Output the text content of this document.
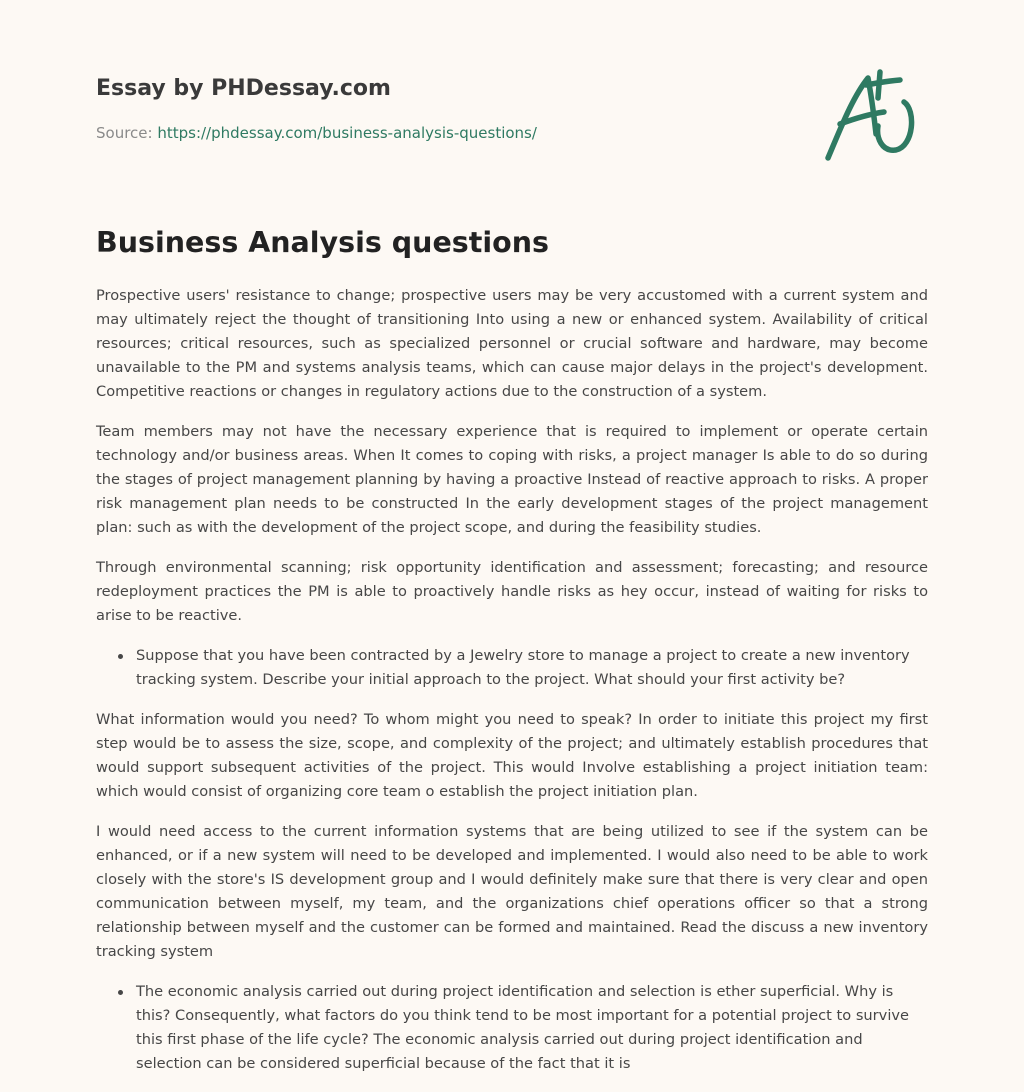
Essay by PHDessay.com
Source: https://phdessay.com/business-analysis-questions/
Business Analysis questions

Prospective users' resistance to change; prospective users may be very accustomed with a current system and may ultimately reject the thought of transitioning Into using a new or enhanced system. Availability of critical resources; critical resources, such as specialized personnel or crucial software and hardware, may become unavailable to the PM and systems analysis teams, which can cause major delays in the project's development. Competitive reactions or changes in regulatory actions due to the construction of a system.

Team members may not have the necessary experience that is required to implement or operate certain technology and/or business areas. When It comes to coping with risks, a project manager Is able to do so during the stages of project management planning by having a proactive Instead of reactive approach to risks. A proper risk management plan needs to be constructed In the early development stages of the project management plan: such as with the development of the project scope, and during the feasibility studies.

Through environmental scanning; risk opportunity identification and assessment; forecasting; and resource redeployment practices the PM is able to proactively handle risks as hey occur, instead of waiting for risks to arise to be reactive.

Suppose that you have been contracted by a Jewelry store to manage a project to create a new inventory tracking system. Describe your initial approach to the project. What should your first activity be?

What information would you need? To whom might you need to speak? In order to initiate this project my first step would be to assess the size, scope, and complexity of the project; and ultimately establish procedures that would support subsequent activities of the project. This would Involve establishing a project initiation team: which would consist of organizing core team o establish the project initiation plan.

I would need access to the current information systems that are being utilized to see if the system can be enhanced, or if a new system will need to be developed and implemented. I would also need to be able to work closely with the store's IS development group and I would definitely make sure that there is very clear and open communication between myself, my team, and the organizations chief operations officer so that a strong relationship between myself and the customer can be formed and maintained. Read the discuss a new inventory tracking system

The economic analysis carried out during project identification and selection is ether superficial. Why is this? Consequently, what factors do you think tend to be most important for a potential project to survive this first phase of the life cycle? The economic analysis carried out during project identification and selection can be considered superficial because of the fact that it is
